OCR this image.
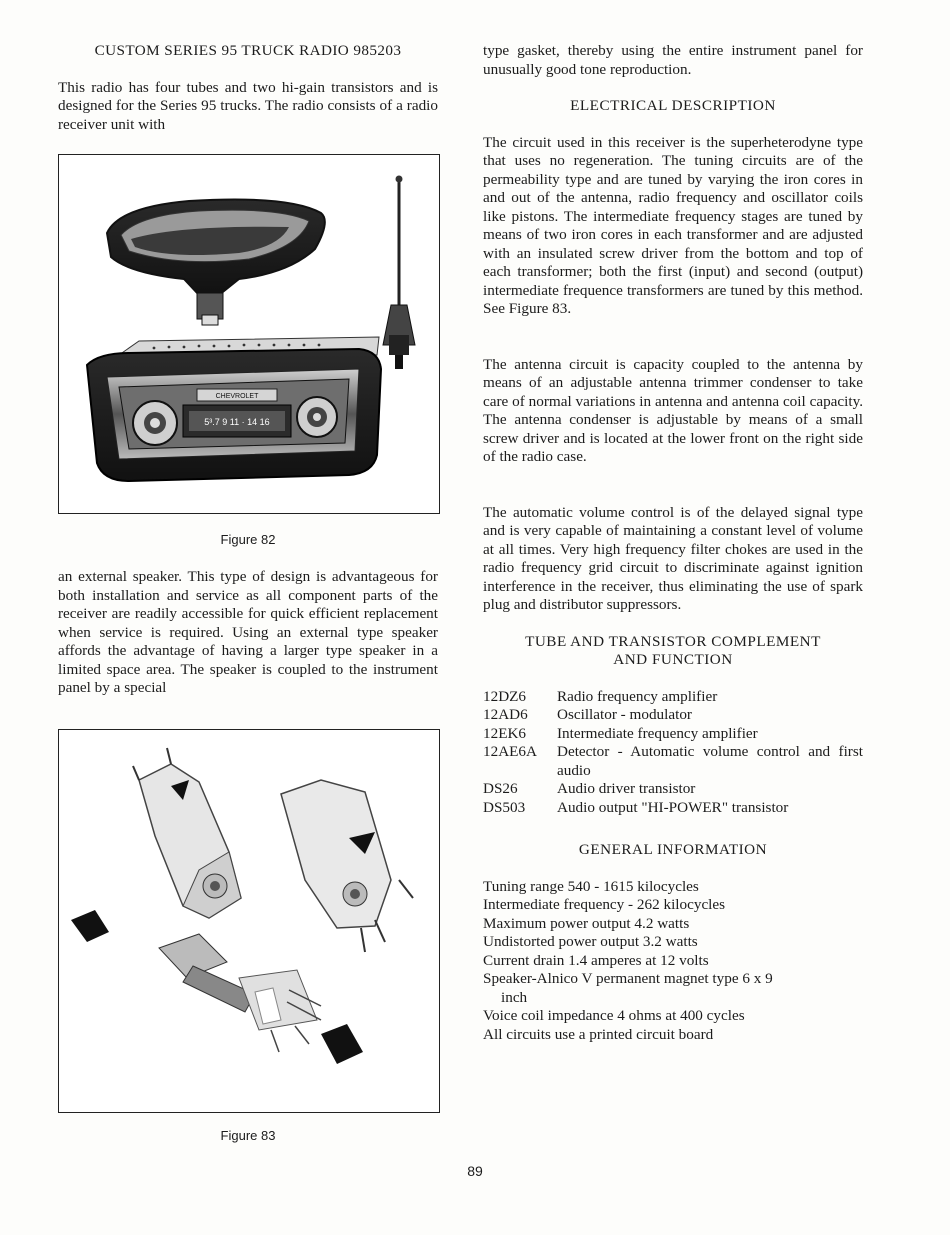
CUSTOM SERIES 95 TRUCK RADIO 985203

This radio has four tubes and two hi-gain transistors and is designed for the Series 95 trucks. The radio consists of a radio receiver unit with

5³.7 9 11 · 14 16
CHEVROLET
Figure 82

an external speaker. This type of design is advantageous for both installation and service as all component parts of the receiver are readily accessible for quick efficient replacement when service is required. Using an external type speaker affords the advantage of having a larger type speaker in a limited space area. The speaker is coupled to the instrument panel by a special

Figure 83

type gasket, thereby using the entire instrument panel for unusually good tone reproduction.

ELECTRICAL DESCRIPTION

The circuit used in this receiver is the superheterodyne type that uses no regeneration. The tuning circuits are of the permeability type and are tuned by varying the iron cores in and out of the antenna, radio frequency and oscillator coils like pistons. The intermediate frequency stages are tuned by means of two iron cores in each transformer and are adjusted with an insulated screw driver from the bottom and top of each transformer; both the first (input) and second (output) intermediate frequence transformers are tuned by this method. See Figure 83.

The antenna circuit is capacity coupled to the antenna by means of an adjustable antenna trimmer condenser to take care of normal variations in antenna and antenna coil capacity. The antenna condenser is adjustable by means of a small screw driver and is located at the lower front on the right side of the radio case.

The automatic volume control is of the delayed signal type and is very capable of maintaining a constant level of volume at all times. Very high frequency filter chokes are used in the radio frequency grid circuit to discriminate against ignition interference in the receiver, thus eliminating the use of spark plug and distributor suppressors.

TUBE AND TRANSISTOR COMPLEMENT
AND FUNCTION
12DZ6	Radio frequency amplifier
12AD6	Oscillator - modulator
12EK6	Intermediate frequency amplifier
12AE6A	Detector - Automatic volume control and first audio
DS26	Audio driver transistor
DS503	Audio output "HI-POWER" transistor
GENERAL INFORMATION
Tuning range 540 - 1615 kilocycles
Intermediate frequency - 262 kilocycles
Maximum power output 4.2 watts
Undistorted power output 3.2 watts
Current drain 1.4 amperes at 12 volts
Speaker-Alnico V permanent magnet type 6 x 9
inch
Voice coil impedance 4 ohms at 400 cycles
All circuits use a printed circuit board
89
